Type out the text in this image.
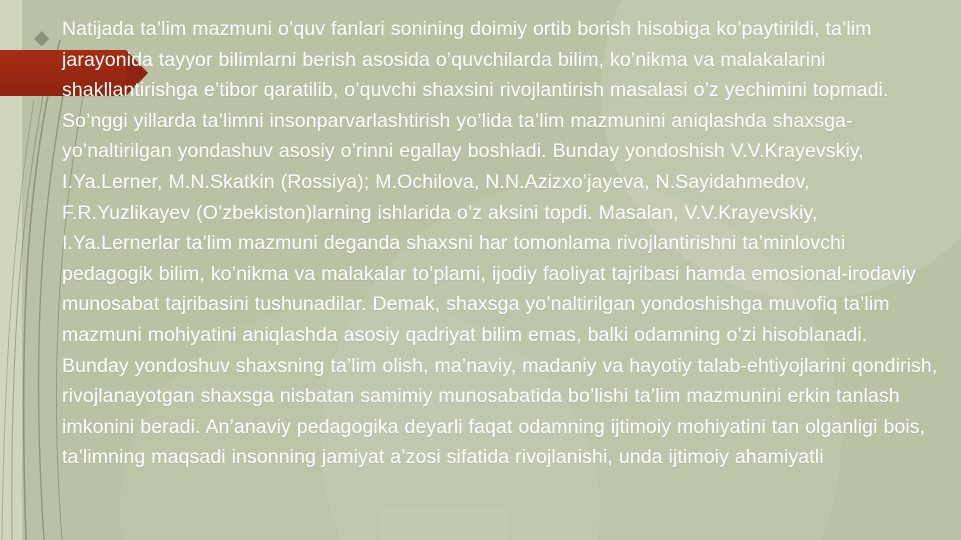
◆ Natijada ta’lim mazmuni o’quv fanlari sonining doimiy ortib borish hisobiga ko’paytirildi, ta’lim jarayonida tayyor bilimlarni berish asosida o’quvchilarda bilim, ko’nikma va malakalarini shakllantirishga e’tibor qaratilib, o’quvchi shaxsini rivojlantirish masalasi o’z yechimini topmadi. So’nggi yillarda ta’limni insonparvarlashtirish yo’lida ta’lim mazmunini aniqlashda shaxsga-yo’naltirilgan yondashuv asosiy o’rinni egallay boshladi. Bunday yondoshish V.V.Krayevskiy, I.Ya.Lerner, M.N.Skatkin (Rossiya); M.Ochilova, N.N.Azizxo’jayeva, N.Sayidahmedov, F.R.Yuzlikayev (O’zbekiston)larning ishlarida o’z aksini topdi. Masalan, V.V.Krayevskiy, I.Ya.Lernerlar ta’lim mazmuni deganda shaxsni har tomonlama rivojlantirishni ta’minlovchi pedagogik bilim, ko’nikma va malakalar to’plami, ijodiy faoliyat tajribasi hamda emosional-irodaviy munosabat tajribasini tushunadilar. Demak, shaxsga yo’naltirilgan yondoshishga muvofiq ta’lim mazmuni mohiyatini aniqlashda asosiy qadriyat bilim emas, balki odamning o’zi hisoblanadi. Bunday yondoshuv shaxsning ta’lim olish, ma’naviy, madaniy va hayotiy talab-ehtiyojlarini qondirish, rivojlanayotgan shaxsga nisbatan samimiy munosabatida bo’lishi ta’lim mazmunini erkin tanlash imkonini beradi. An’anaviy pedagogika deyarli faqat odamning ijtimoiy mohiyatini tan olganligi bois, ta’limning maqsadi insonning jamiyat a’zosi sifatida rivojlanishi, unda ijtimoiy ahamiyatli
